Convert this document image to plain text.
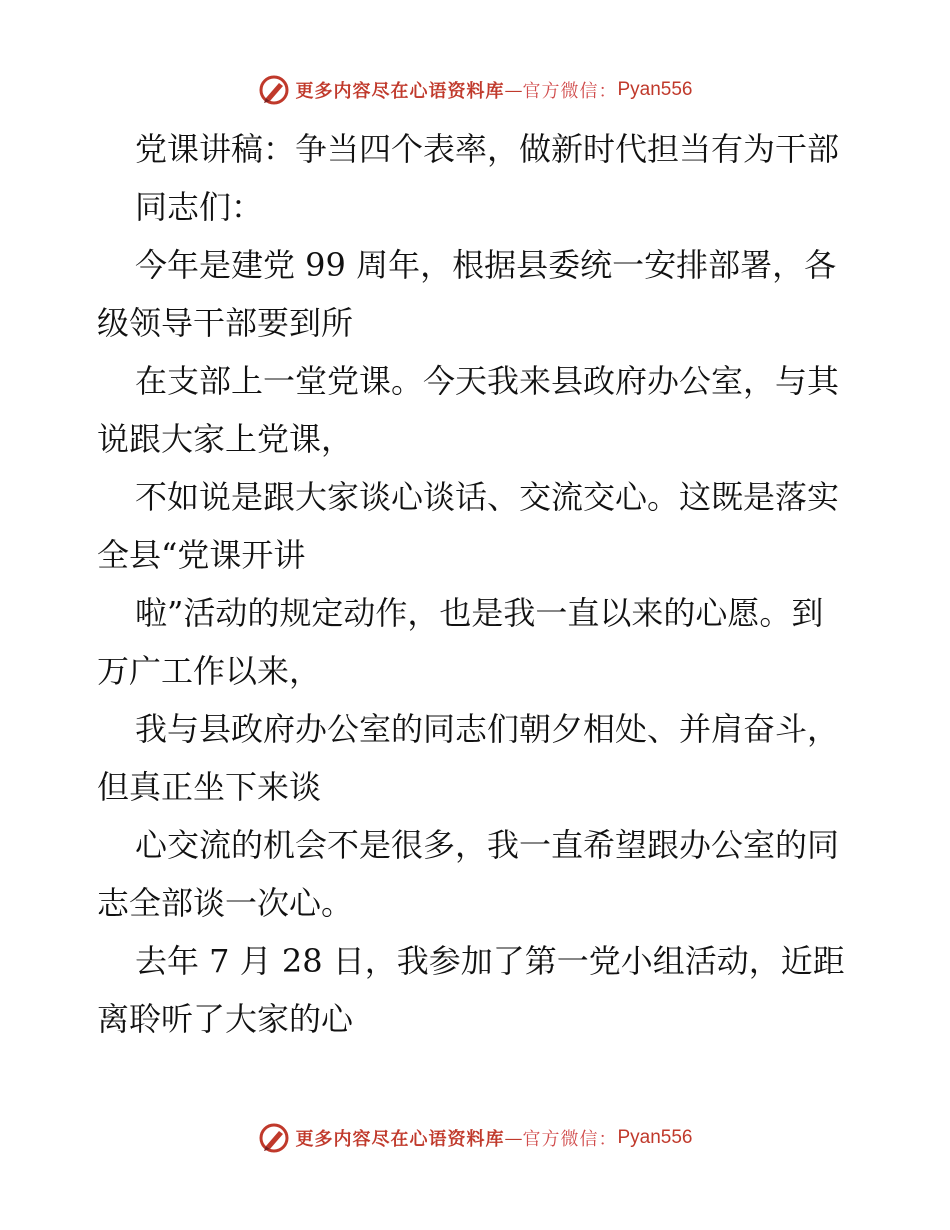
更多内容尽在心语资料库 — 官方微信： Pyan556

党课讲稿：争当四个表率，做新时代担当有为干部

同志们：

今年是建党 99 周年，根据县委统一安排部署，各级领导干部要到所

在支部上一堂党课。今天我来县政府办公室，与其说跟大家上党课，

不如说是跟大家谈心谈话、交流交心。这既是落实全县“党课开讲

啦”活动的规定动作，也是我一直以来的心愿。到万广工作以来，

我与县政府办公室的同志们朝夕相处、并肩奋斗，但真正坐下来谈

心交流的机会不是很多，我一直希望跟办公室的同志全部谈一次心。

去年 7 月 28 日，我参加了第一党小组活动，近距离聆听了大家的心

更多内容尽在心语资料库 — 官方微信： Pyan556
